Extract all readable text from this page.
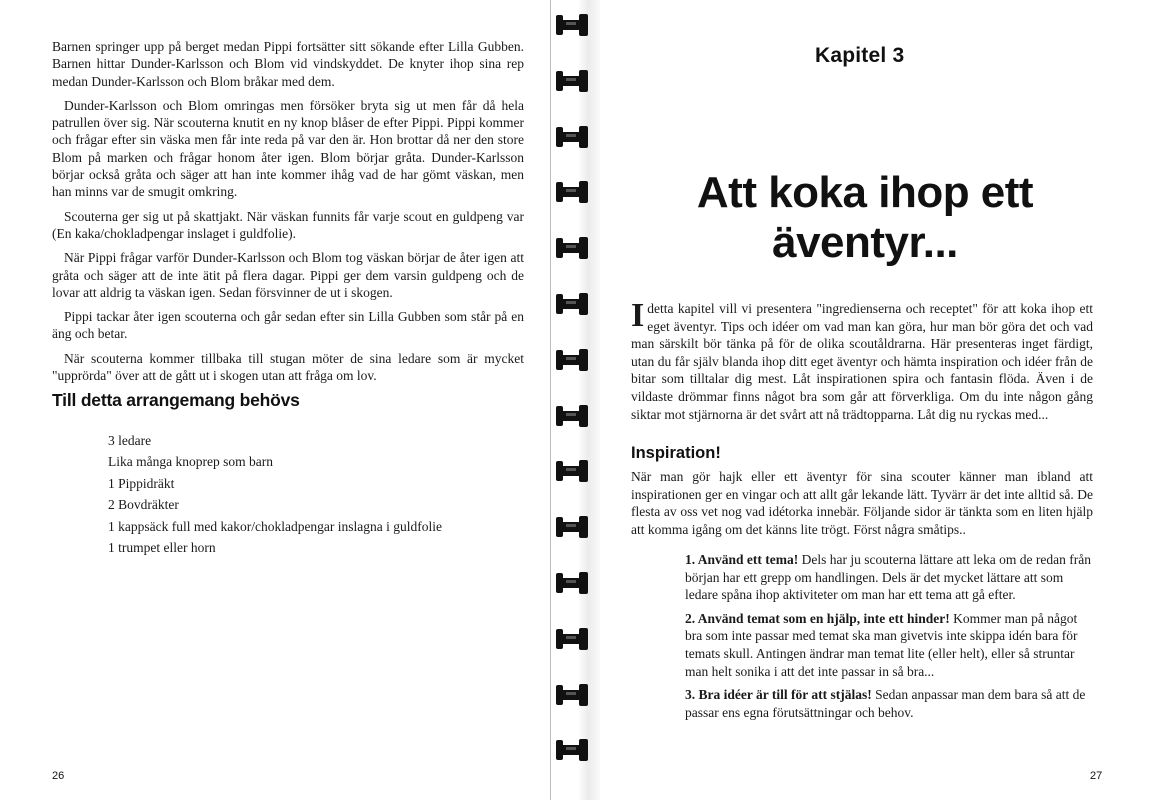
Barnen springer upp på berget medan Pippi fortsätter sitt sökande efter Lilla Gubben. Barnen hittar Dunder-Karlsson och Blom vid vindskyddet. De knyter ihop sina rep medan Dunder-Karlsson och Blom bråkar med dem.

Dunder-Karlsson och Blom omringas men försöker bryta sig ut men får då hela patrullen över sig. När scouterna knutit en ny knop blåser de efter Pippi. Pippi kommer och frågar efter sin väska men får inte reda på var den är. Hon brottar då ner den store Blom på marken och frågar honom åter igen. Blom börjar gråta. Dunder-Karlsson börjar också gråta och säger att han inte kommer ihåg vad de har gömt väskan, men han minns var de smugit omkring.

Scouterna ger sig ut på skattjakt. När väskan funnits får varje scout en guldpeng var (En kaka/chokladpengar inslaget i guldfolie).

När Pippi frågar varför Dunder-Karlsson och Blom tog väskan börjar de åter igen att gråta och säger att de inte ätit på flera dagar. Pippi ger dem varsin guldpeng och de lovar att aldrig ta väskan igen. Sedan försvinner de ut i skogen.

Pippi tackar åter igen scouterna och går sedan efter sin Lilla Gubben som står på en äng och betar.

När scouterna kommer tillbaka till stugan möter de sina ledare som är mycket "upprörda" över att de gått ut i skogen utan att fråga om lov.

Till detta arrangemang behövs
3 ledare
Lika många knoprep som barn
1 Pippidräkt
2 Bovdräkter
1 kappsäck full med kakor/chokladpengar inslagna i guldfolie
1 trumpet eller horn
26
Kapitel 3
Att koka ihop ett
äventyr...
Idetta kapitel vill vi presentera "ingredienserna och receptet" för att koka ihop ett eget äventyr. Tips och idéer om vad man kan göra, hur man bör göra det och vad man särskilt bör tänka på för de olika scoutåldrarna. Här presenteras inget färdigt, utan du får själv blanda ihop ditt eget äventyr och hämta inspiration och idéer från de bitar som tilltalar dig mest. Låt inspirationen spira och fantasin flöda. Även i de vildaste drömmar finns något bra som går att förverkliga. Om du inte någon gång siktar mot stjärnorna är det svårt att nå trädtopparna. Låt dig nu ryckas med...
Inspiration!
När man gör hajk eller ett äventyr för sina scouter känner man ibland att inspirationen ger en vingar och att allt går lekande lätt. Tyvärr är det inte alltid så. De flesta av oss vet nog vad idétorka innebär. Följande sidor är tänkta som en liten hjälp att komma igång om det känns lite trögt. Först några småtips..

1. Använd ett tema! Dels har ju scouterna lättare att leka om de redan från början har ett grepp om handlingen. Dels är det mycket lättare att som ledare spåna ihop aktiviteter om man har ett tema att gå efter.

2. Använd temat som en hjälp, inte ett hinder! Kommer man på något bra som inte passar med temat ska man givetvis inte skippa idén bara för temats skull. Antingen ändrar man temat lite (eller helt), eller så struntar man helt sonika i att det inte passar in så bra...

3. Bra idéer är till för att stjälas! Sedan anpassar man dem bara så att de passar ens egna förutsättningar och behov.

27
